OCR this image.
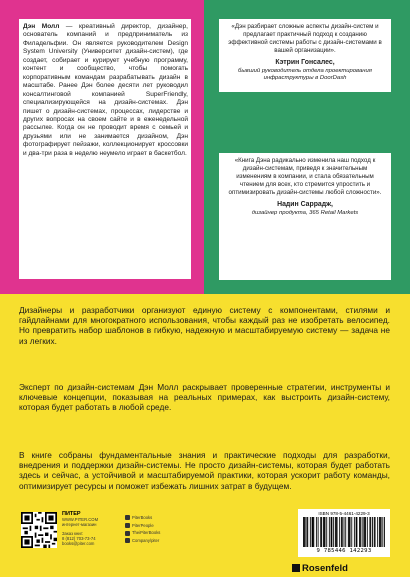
Дэн Молл — креативный директор, дизайнер, основатель компаний и предприниматель из Филадельфии. Он является руководителем Design System University (Университет дизайн-систем), где создает, собирает и курирует учебную программу, контент и сообщество, чтобы помогать корпоративным командам разрабатывать дизайн в масштабе. Ранее Дэн более десяти лет руководил консалтинговой компанией SuperFriendly, специализирующейся на дизайн-системах. Дэн пишет о дизайн-системах, процессах, лидерстве и других вопросах на своем сайте и в еженедельной рассылке. Когда он не проводит время с семьей и друзьями или не занимается дизайном, Дэн фотографирует пейзажи, коллекционирует кроссовки и два-три раза в неделю неумело играет в баскетбол.

«Дэн разбирает сложные аспекты дизайн-систем и предлагает практичный подход к созданию эффективной системы работы с дизайн-системами в вашей организации».

Кэтрин Гонсалес,

бывший руководитель отдела проектирования инфраструктуры в DoorDash

«Книга Дэна радикально изменила наш подход к дизайн-системам, приведя к значительным изменениям в компании, и стала обязательным чтением для всех, кто стремится упростить и оптимизировать дизайн-системы любой сложности».

Надин Саррадж,

дизайнер продукта, 365 Retail Markets

Дизайнеры и разработчики организуют единую систему с компонентами, стилями и гайдлайнами для многократного использования, чтобы каждый раз не изобретать велосипед. Но превратить набор шаблонов в гибкую, надежную и масштабируемую систему — задача не из легких.

Эксперт по дизайн-системам Дэн Молл раскрывает проверенные стратегии, инструменты и ключевые концепции, показывая на реальных примерах, как выстроить дизайн-систему, которая будет работать в любой среде.

В книге собраны фундаментальные знания и практические подходы для разработки, внедрения и поддержки дизайн-системы. Не просто дизайн-системы, которая будет работать здесь и сейчас, а устойчивой и масштабируемой практики, которая ускорит работу команды, оптимизирует ресурсы и поможет избежать лишних затрат в будущем.

ПИТЕР
WWW.PITER.COM
интернет-магазин
Заказ книг:
8 (812) 703-73-74
books@piter.com
PiterBooks
PiterPeople
TheiPiterBooks
Company/piter
ISBN 978-5-4461-4229-3
9 785446 142293
Rosenfeld
